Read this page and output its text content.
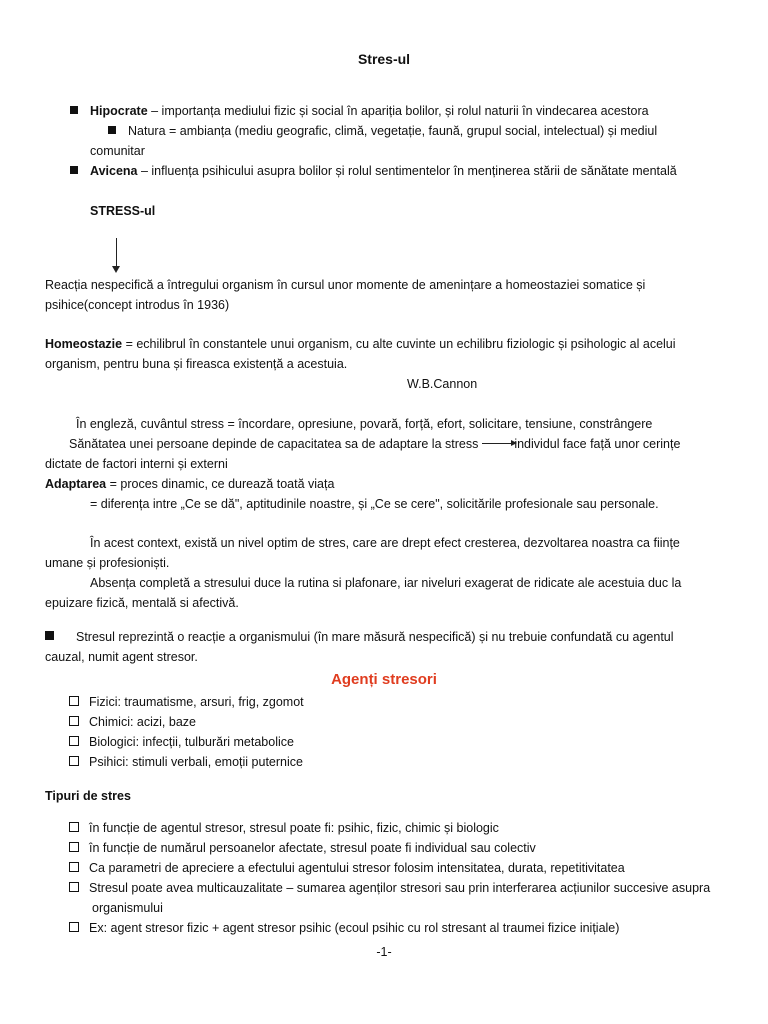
Stres-ul
Hipocrate – importanța mediului fizic și social în apariția bolilor, și rolul naturii în vindecarea acestora
Natura = ambianța (mediu geografic, climă, vegetație, faună, grupul social, intelectual) și mediul
comunitar
Avicena – influența psihicului asupra bolilor și rolul sentimentelor în menținerea stării de sănătate mentală
STRESS-ul
Reacția nespecifică a întregului organism în cursul unor momente de amenințare a homeostaziei somatice și
psihice(concept introdus în 1936)
Homeostazie = echilibrul în constantele unui organism, cu alte cuvinte un echilibru fiziologic și psihologic al acelui
organism, pentru buna și fireasca existență a acestuia.
W.B.Cannon
În engleză, cuvântul stress = încordare, opresiune, povară, forță, efort, solicitare, tensiune, constrângere
Sănătatea unei persoane depinde de capacitatea sa de adaptare la stress	individul face față unor cerințe
dictate de factori interni și externi
Adaptarea = proces dinamic, ce durează toată viața
= diferența intre „Ce se dă", aptitudinile noastre, și „Ce se cere", solicitările profesionale sau personale.
În acest context, există un nivel optim de stres, care are drept efect cresterea, dezvoltarea noastra ca ființe
umane și profesioniști.
Absența completă a stresului duce la rutina si plafonare, iar niveluri exagerat de ridicate ale acestuia duc la
epuizare fizică, mentală si afectivă.
Stresul reprezintă o reacție a organismului (în mare măsură nespecifică) și nu trebuie confundată cu agentul
cauzal, numit agent stresor.
Agenți stresori
Fizici: traumatisme, arsuri, frig, zgomot
Chimici: acizi, baze
Biologici: infecții, tulburări metabolice
Psihici: stimuli verbali, emoții puternice
Tipuri de stres
în funcție de agentul stresor, stresul poate fi: psihic, fizic, chimic și biologic
în funcție de numărul persoanelor afectate, stresul poate fi individual sau colectiv
Ca parametri de apreciere a efectului agentului stresor folosim intensitatea, durata, repetitivitatea
Stresul poate avea multicauzalitate – sumarea agenților stresori sau prin interferarea acțiunilor succesive asupra
organismului
Ex: agent stresor fizic + agent stresor psihic (ecoul psihic cu rol stresant al traumei fizice inițiale)
-1-
